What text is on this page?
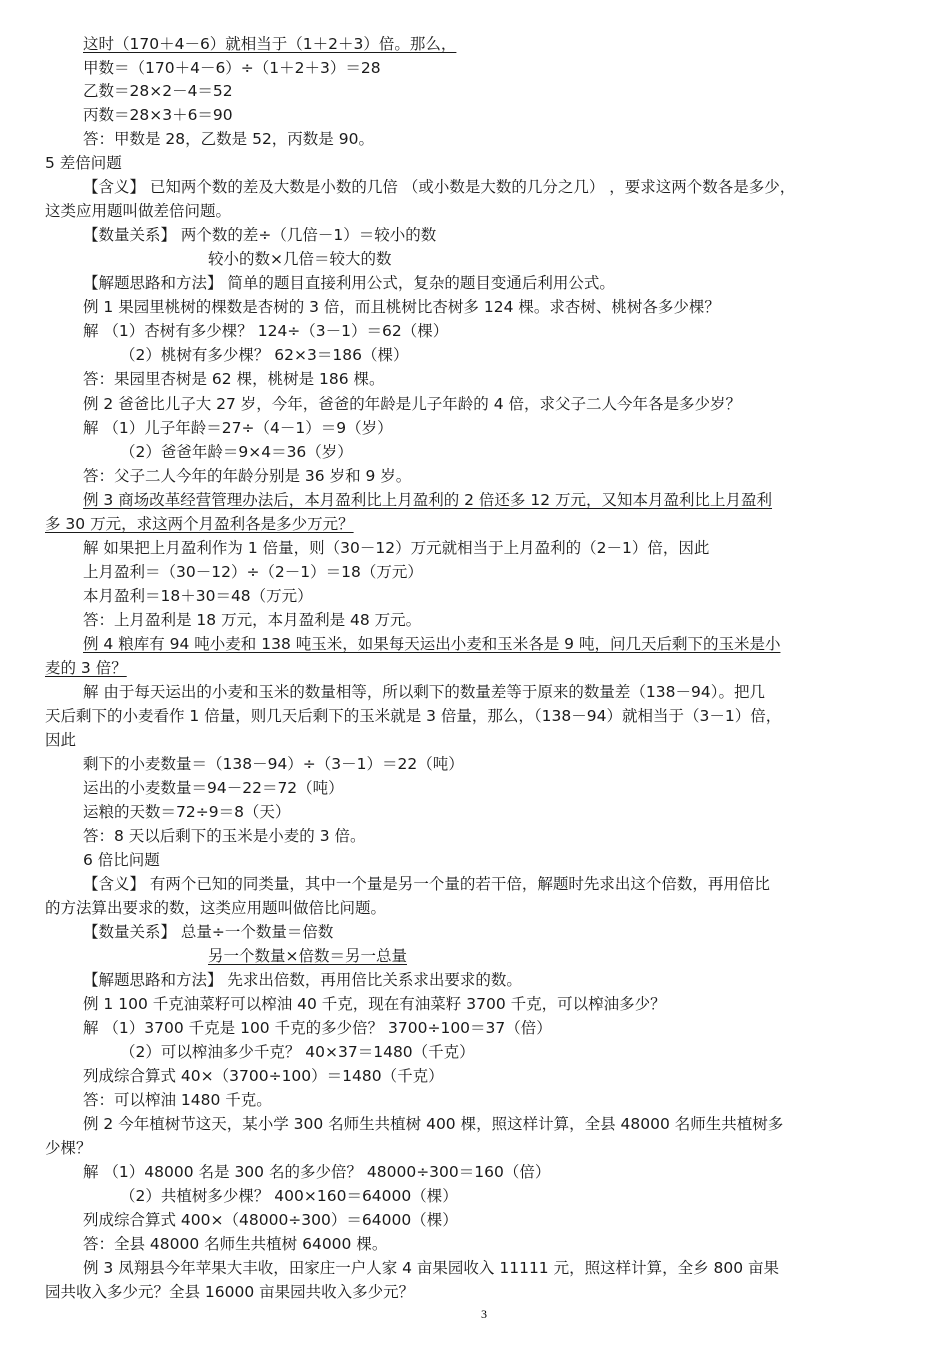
这时（170＋4－6）就相当于（1＋2＋3）倍。那么，
甲数＝（170＋4－6）÷（1＋2＋3）＝28
乙数＝28×2－4＝52
丙数＝28×3＋6＝90
答：甲数是 28，乙数是 52，丙数是 90。
5 差倍问题
【含义】 已知两个数的差及大数是小数的几倍 （或小数是大数的几分之几） ，要求这两个数各是多少，
这类应用题叫做差倍问题。
【数量关系】 两个数的差÷（几倍－1）＝较小的数
较小的数×几倍＝较大的数
【解题思路和方法】 简单的题目直接利用公式，复杂的题目变通后利用公式。
例 1 果园里桃树的棵数是杏树的 3 倍，而且桃树比杏树多 124 棵。求杏树、桃树各多少棵？
解 （1）杏树有多少棵？ 124÷（3－1）＝62（棵）
（2）桃树有多少棵？ 62×3＝186（棵）
答：果园里杏树是 62 棵，桃树是 186 棵。
例 2 爸爸比儿子大 27 岁，今年，爸爸的年龄是儿子年龄的 4 倍，求父子二人今年各是多少岁？
解 （1）儿子年龄＝27÷（4－1）＝9（岁）
（2）爸爸年龄＝9×4＝36（岁）
答：父子二人今年的年龄分别是 36 岁和 9 岁。
例 3 商场改革经营管理办法后，本月盈利比上月盈利的 2 倍还多 12 万元，又知本月盈利比上月盈利
多 30 万元，求这两个月盈利各是多少万元？
解 如果把上月盈利作为 1 倍量，则（30－12）万元就相当于上月盈利的（2－1）倍，因此
上月盈利＝（30－12）÷（2－1）＝18（万元）
本月盈利＝18＋30＝48（万元）
答：上月盈利是 18 万元，本月盈利是 48 万元。
例 4 粮库有 94 吨小麦和 138 吨玉米，如果每天运出小麦和玉米各是 9 吨，问几天后剩下的玉米是小
麦的 3 倍？
解 由于每天运出的小麦和玉米的数量相等，所以剩下的数量差等于原来的数量差（138－94）。把几
天后剩下的小麦看作 1 倍量，则几天后剩下的玉米就是 3 倍量，那么，（138－94）就相当于（3－1）倍，
因此
剩下的小麦数量＝（138－94）÷（3－1）＝22（吨）
运出的小麦数量＝94－22＝72（吨）
运粮的天数＝72÷9＝8（天）
答：8 天以后剩下的玉米是小麦的 3 倍。
6 倍比问题
【含义】 有两个已知的同类量，其中一个量是另一个量的若干倍，解题时先求出这个倍数，再用倍比
的方法算出要求的数，这类应用题叫做倍比问题。
【数量关系】 总量÷一个数量＝倍数
另一个数量×倍数＝另一总量
【解题思路和方法】 先求出倍数，再用倍比关系求出要求的数。
例 1 100 千克油菜籽可以榨油 40 千克，现在有油菜籽 3700 千克，可以榨油多少？
解 （1）3700 千克是 100 千克的多少倍？ 3700÷100＝37（倍）
（2）可以榨油多少千克？ 40×37＝1480（千克）
列成综合算式 40×（3700÷100）＝1480（千克）
答：可以榨油 1480 千克。
例 2 今年植树节这天，某小学 300 名师生共植树 400 棵，照这样计算，全县 48000 名师生共植树多
少棵？
解 （1）48000 名是 300 名的多少倍？ 48000÷300＝160（倍）
（2）共植树多少棵？ 400×160＝64000（棵）
列成综合算式 400×（48000÷300）＝64000（棵）
答：全县 48000 名师生共植树 64000 棵。
例 3 凤翔县今年苹果大丰收，田家庄一户人家 4 亩果园收入 11111 元，照这样计算，全乡 800 亩果
园共收入多少元？全县 16000 亩果园共收入多少元？
3
